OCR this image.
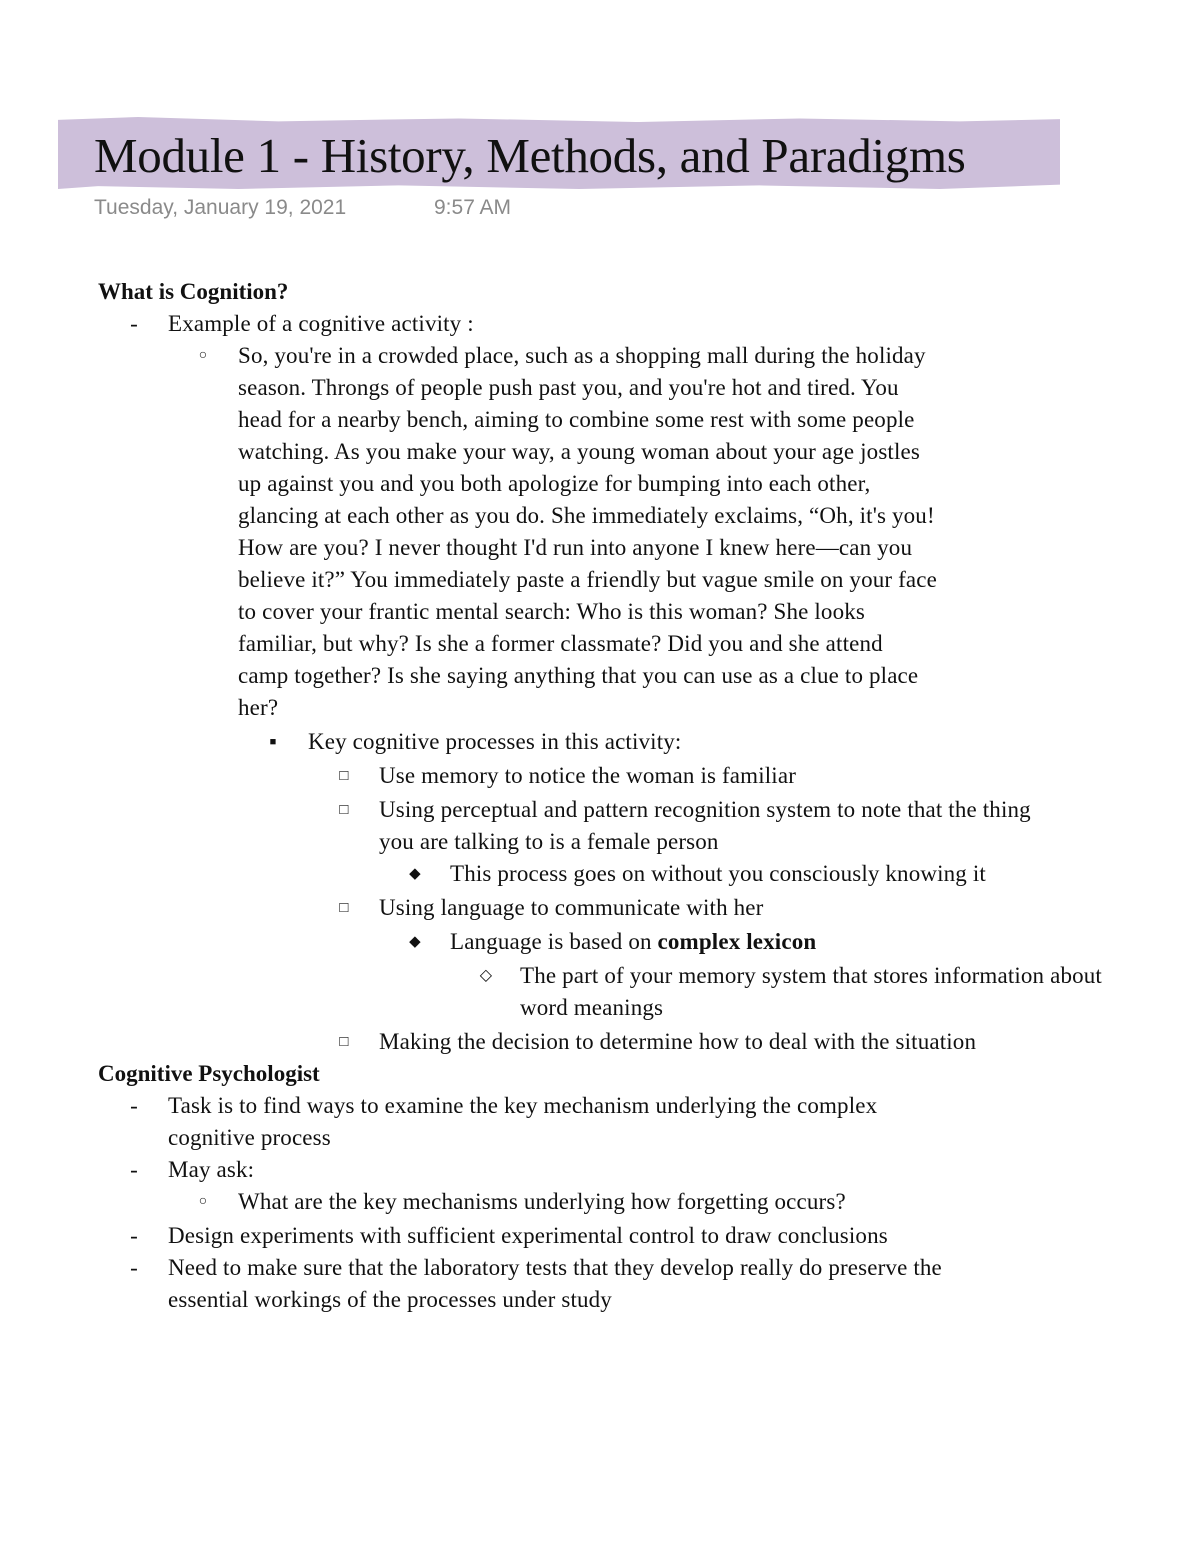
Module 1 - History, Methods, and Paradigms
Tuesday, January 19, 2021	9:57 AM
What is Cognition?
- Example of a cognitive activity :
○ So, you're in a crowded place, such as a shopping mall during the holiday season. Throngs of people push past you, and you're hot and tired. You head for a nearby bench, aiming to combine some rest with some people watching. As you make your way, a young woman about your age jostles up against you and you both apologize for bumping into each other, glancing at each other as you do. She immediately exclaims, “Oh, it's you! How are you? I never thought I'd run into anyone I knew here—can you believe it?” You immediately paste a friendly but vague smile on your face to cover your frantic mental search: Who is this woman? She looks familiar, but why? Is she a former classmate? Did you and she attend camp together? Is she saying anything that you can use as a clue to place her?
■ Key cognitive processes in this activity:
□ Use memory to notice the woman is familiar
□ Using perceptual and pattern recognition system to note that the thing you are talking to is a female person
◆ This process goes on without you consciously knowing it
□ Using language to communicate with her
◆ Language is based on complex lexicon
◇ The part of your memory system that stores information about word meanings
□ Making the decision to determine how to deal with the situation
Cognitive Psychologist
- Task is to find ways to examine the key mechanism underlying the complex cognitive process
- May ask:
○ What are the key mechanisms underlying how forgetting occurs?
- Design experiments with sufficient experimental control to draw conclusions
- Need to make sure that the laboratory tests that they develop really do preserve the essential workings of the processes under study
